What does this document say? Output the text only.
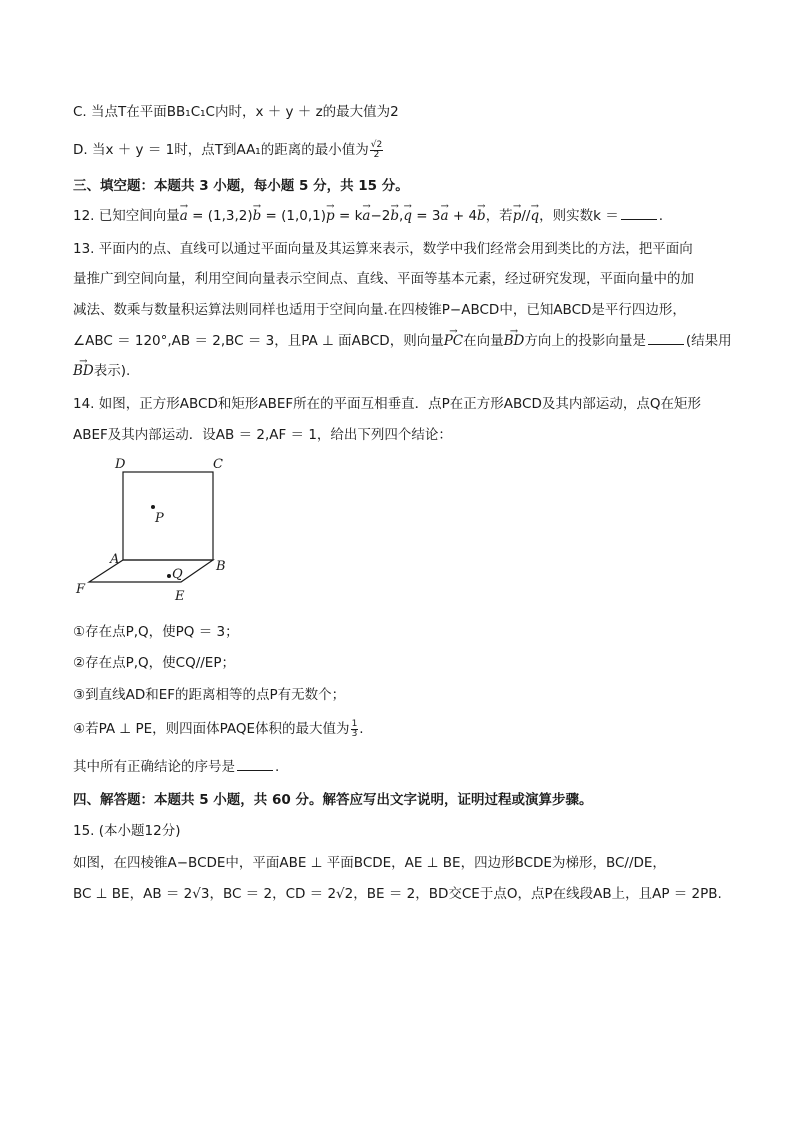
C. 当点T在平面BB₁C₁C内时，x ＋ y ＋ z的最大值为2
D. 当x ＋ y ＝ 1时，点T到AA₁的距离的最小值为 $\frac{√2}{2}$
三、填空题：本题共 3 小题，每小题 5 分，共 15 分。
12. 已知空间向量→ a = (1,3,2)→ b = (1,0,1)→ p = k→ a−2→ b,→ q = 3→ a + 4→ b，若→ p//→ q，则实数k ＝	.
13. 平面内的点、直线可以通过平面向量及其运算来表示，数学中我们经常会用到类比的方法，把平面向
量推广到空间向量，利用空间向量表示空间点、直线、平面等基本元素，经过研究发现，平面向量中的加
减法、数乘与数量积运算法则同样也适用于空间向量.在四棱锥P−ABCD中，已知ABCD是平行四边形，
∠ABC ＝ 120°,AB ＝ 2,BC ＝ 3，且PA ⊥ 面ABCD，则向量→ PC在向量→ BD方向上的投影向量是	(结果用
→ BD表示).
14. 如图，正方形ABCD和矩形ABEF所在的平面互相垂直．点P在正方形ABCD及其内部运动，点Q在矩形
ABEF及其内部运动．设AB ＝ 2,AF ＝ 1，给出下列四个结论：
D	C
P
A	B
Q
F	E
①存在点P,Q，使PQ ＝ 3；
②存在点P,Q，使CQ//EP；
③到直线AD和EF的距离相等的点P有无数个；
④若PA ⊥ PE，则四面体PAQE体积的最大值为 $\frac{1}{3}$ .
其中所有正确结论的序号是	.
四、解答题：本题共 5 小题，共 60 分。解答应写出文字说明，证明过程或演算步骤。
15. (本小题12分)
如图，在四棱锥A−BCDE中，平面ABE ⊥ 平面BCDE，AE ⊥ BE，四边形BCDE为梯形，BC//DE，
BC ⊥ BE，AB ＝ 2√3，BC ＝ 2，CD ＝ 2√2，BE ＝ 2，BD交CE于点O，点P在线段AB上，且AP ＝ 2PB.
